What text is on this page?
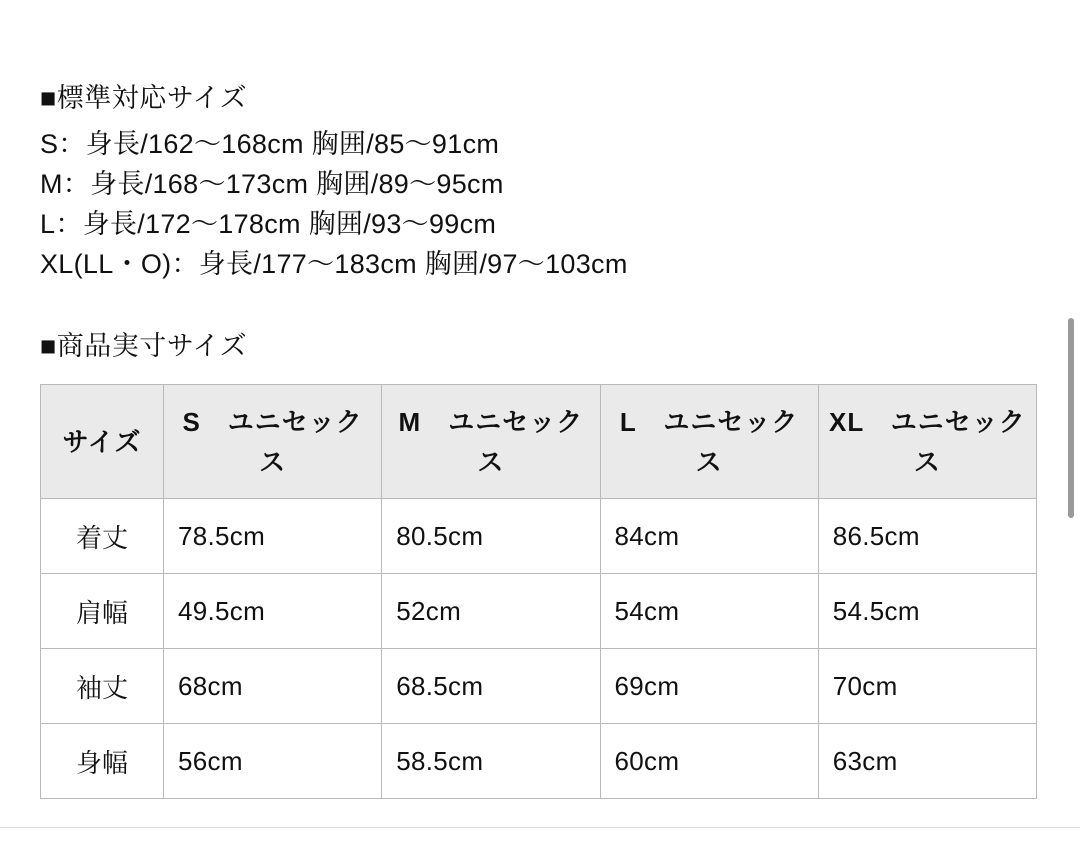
■標準対応サイズ
S：身長/162〜168cm 胸囲/85〜91cm
M：身長/168〜173cm 胸囲/89〜95cm
L：身長/172〜178cm 胸囲/93〜99cm
XL(LL・O)：身長/177〜183cm 胸囲/97〜103cm
■商品実寸サイズ
サイズ	S　ユニセックス	M　ユニセックス	L　ユニセックス	XL　ユニセックス

着丈	78.5cm	80.5cm	84cm	86.5cm
肩幅	49.5cm	52cm	54cm	54.5cm
袖丈	68cm	68.5cm	69cm	70cm
身幅	56cm	58.5cm	60cm	63cm
